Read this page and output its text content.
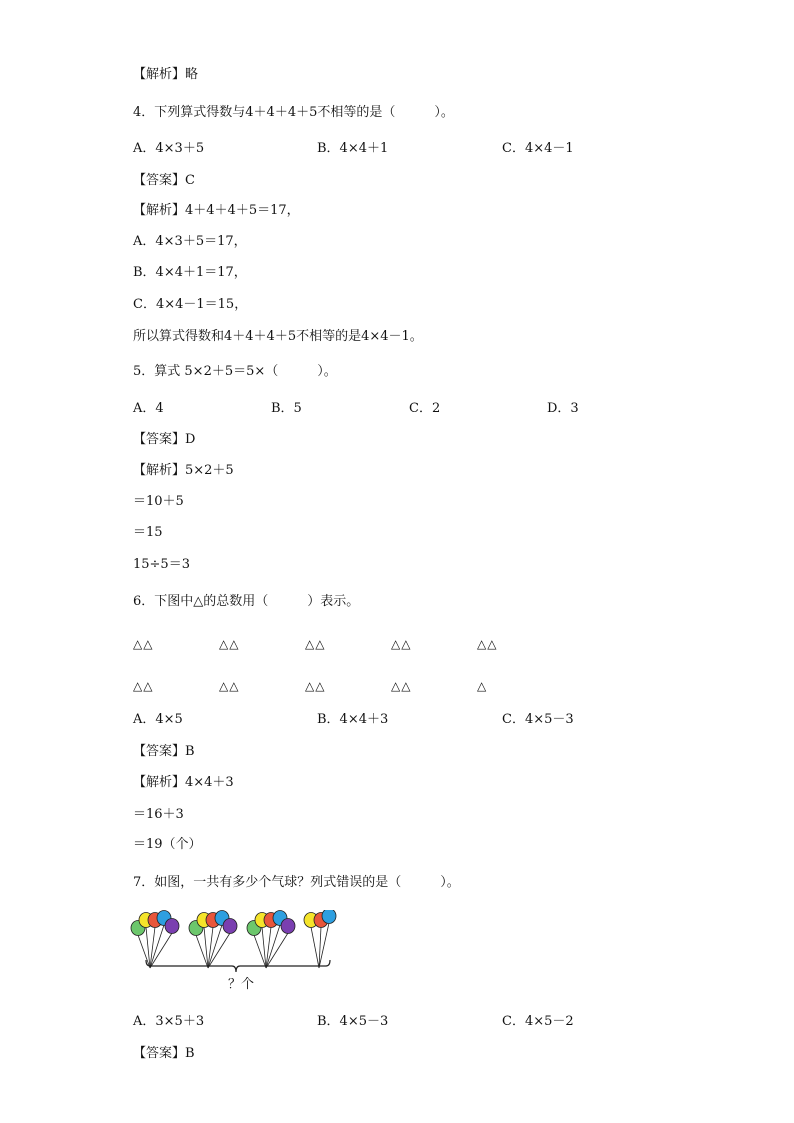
【解析】略
4．下列算式得数与4＋4＋4＋5不相等的是（　　　）。
A．4×3＋5	B．4×4＋1	C．4×4－1
【答案】C
【解析】4＋4＋4＋5＝17，
A．4×3＋5＝17，
B．4×4＋1＝17，
C．4×4－1＝15，
所以算式得数和4＋4＋4＋5不相等的是4×4－1。
5．算式 5×2＋5＝5×（　　　）。
A．4	B．5	C．2	D．3
【答案】D
【解析】5×2＋5
＝10＋5
＝15
15÷5＝3
6．下图中△的总数用（　　　）表示。
△△	△△	△△	△△	△△
△△	△△	△△	△△	△
A．4×5	B．4×4＋3	C．4×5－3
【答案】B
【解析】4×4＋3
＝16＋3
＝19（个）
7．如图，一共有多少个气球？列式错误的是（　　　）。
？个
A．3×5＋3	B．4×5－3	C．4×5－2
【答案】B
